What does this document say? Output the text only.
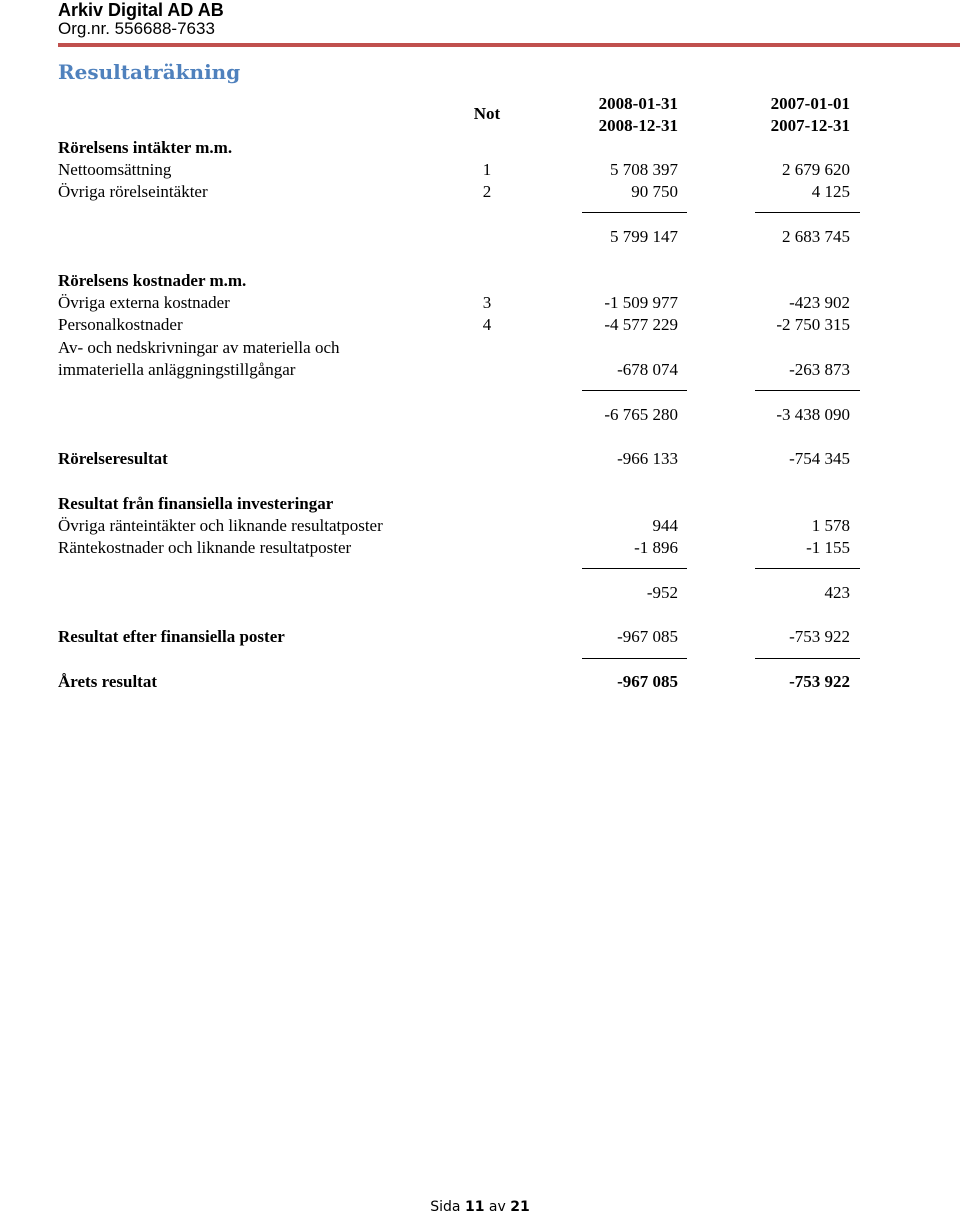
Arkiv Digital AD AB
Org.nr. 556688-7633
Resultaträkning
Not
2008-01-31
2008-12-31
2007-01-01
2007-12-31
Rörelsens intäkter m.m.
Nettoomsättning	1	5 708 397	2 679 620
Övriga rörelseintäkter	2	90 750	4 125
5 799 147	2 683 745
Rörelsens kostnader m.m.
Övriga externa kostnader	3	-1 509 977	-423 902
Personalkostnader	4	-4 577 229	-2 750 315
Av- och nedskrivningar av materiella och
immateriella anläggningstillgångar	-678 074	-263 873
-6 765 280	-3 438 090
Rörelseresultat	-966 133	-754 345
Resultat från finansiella investeringar
Övriga ränteintäkter och liknande resultatposter	944	1 578
Räntekostnader och liknande resultatposter	-1 896	-1 155
-952	423
Resultat efter finansiella poster	-967 085	-753 922
Årets resultat	-967 085	-753 922
Sida 11 av 21
